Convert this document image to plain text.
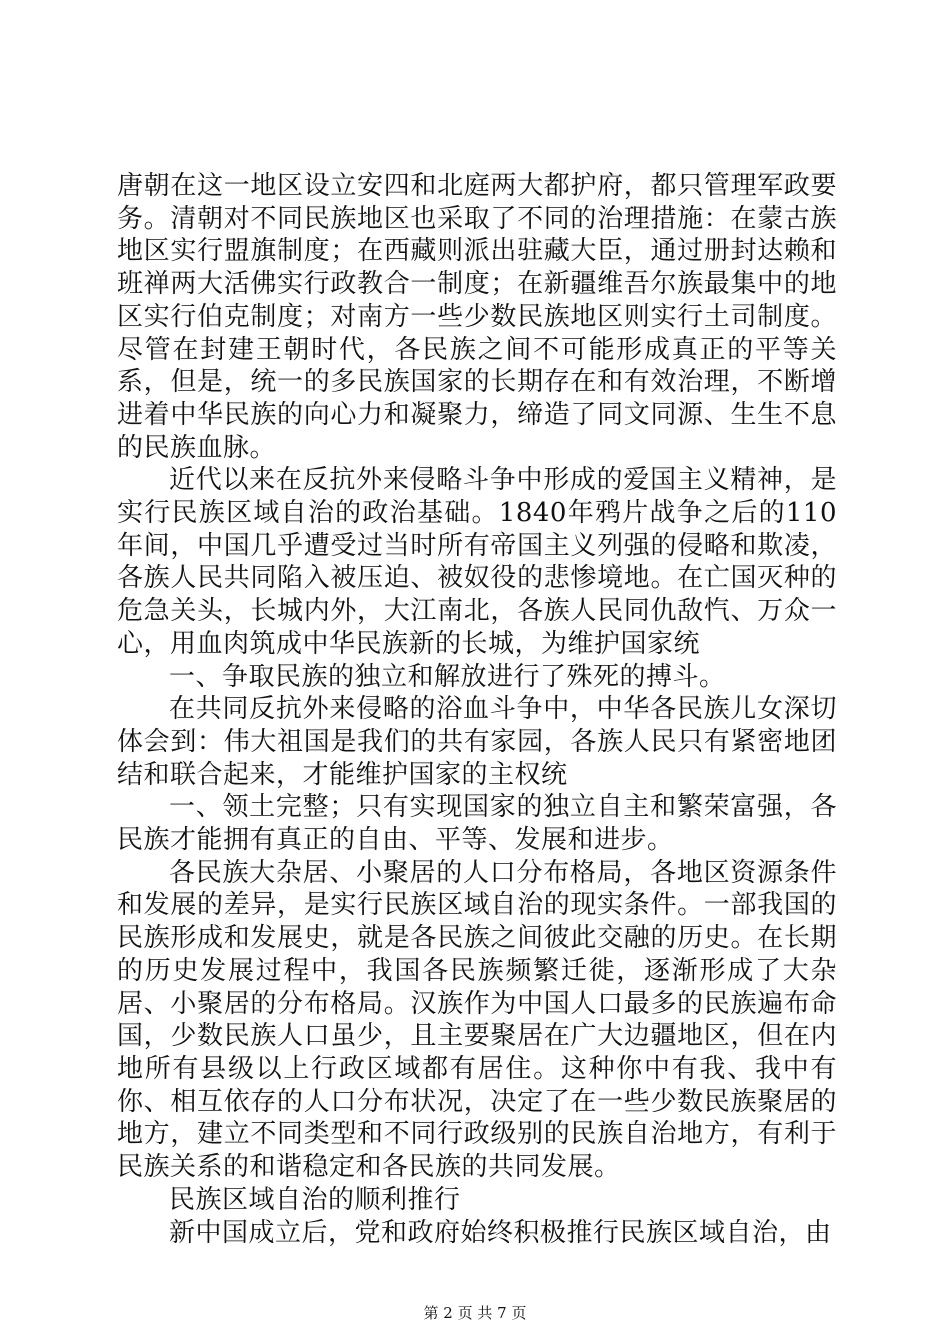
唐朝在这一地区设立安四和北庭两大都护府，都只管理军政要务。清朝对不同民族地区也采取了不同的治理措施：在蒙古族地区实行盟旗制度；在西藏则派出驻藏大臣，通过册封达赖和班禅两大活佛实行政教合一制度；在新疆维吾尔族最集中的地区实行伯克制度；对南方一些少数民族地区则实行土司制度。尽管在封建王朝时代，各民族之间不可能形成真正的平等关系，但是，统一的多民族国家的长期存在和有效治理，不断增进着中华民族的向心力和凝聚力，缔造了同文同源、生生不息的民族血脉。

近代以来在反抗外来侵略斗争中形成的爱国主义精神，是实行民族区域自治的政治基础。1840年鸦片战争之后的110年间，中国几乎遭受过当时所有帝国主义列强的侵略和欺凌，各族人民共同陷入被压迫、被奴役的悲惨境地。在亡国灭种的危急关头，长城内外，大江南北，各族人民同仇敌忾、万众一心，用血肉筑成中华民族新的长城，为维护国家统

一、争取民族的独立和解放进行了殊死的搏斗。

在共同反抗外来侵略的浴血斗争中，中华各民族儿女深切体会到：伟大祖国是我们的共有家园，各族人民只有紧密地团结和联合起来，才能维护国家的主权统

一、领土完整；只有实现国家的独立自主和繁荣富强，各民族才能拥有真正的自由、平等、发展和进步。

各民族大杂居、小聚居的人口分布格局，各地区资源条件和发展的差异，是实行民族区域自治的现实条件。一部我国的民族形成和发展史，就是各民族之间彼此交融的历史。在长期的历史发展过程中，我国各民族频繁迁徙，逐渐形成了大杂居、小聚居的分布格局。汉族作为中国人口最多的民族遍布命国，少数民族人口虽少，且主要聚居在广大边疆地区，但在内地所有县级以上行政区域都有居住。这种你中有我、我中有你、相互依存的人口分布状况，决定了在一些少数民族聚居的地方，建立不同类型和不同行政级别的民族自治地方，有利于民族关系的和谐稳定和各民族的共同发展。

民族区域自治的顺利推行

新中国成立后，党和政府始终积极推行民族区域自治，由

第 2 页 共 7 页
